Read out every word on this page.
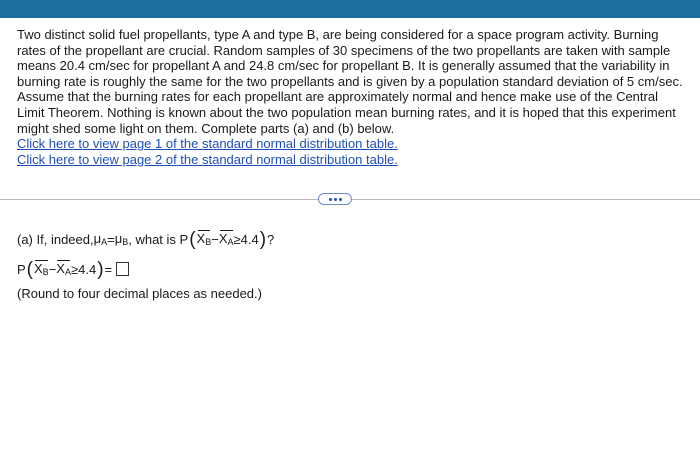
Two distinct solid fuel propellants, type A and type B, are being considered for a space program activity. Burning rates of the propellant are crucial. Random samples of 30 specimens of the two propellants are taken with sample means 20.4 cm/sec for propellant A and 24.8 cm/sec for propellant B. It is generally assumed that the variability in burning rate is roughly the same for the two propellants and is given by a population standard deviation of 5 cm/sec. Assume that the burning rates for each propellant are approximately normal and hence make use of the Central Limit Theorem. Nothing is known about the two population mean burning rates, and it is hoped that this experiment might shed some light on them. Complete parts (a) and (b) below.

Click here to view page 1 of the standard normal distribution table.
Click here to view page 2 of the standard normal distribution table.
(a) If, indeed, $\mu_A = \mu_B$ , what is P ( $X_B - X_A \ge 4.4$ ) ?
P ( $X_B - X_A \ge 4.4$ ) =
(Round to four decimal places as needed.)
